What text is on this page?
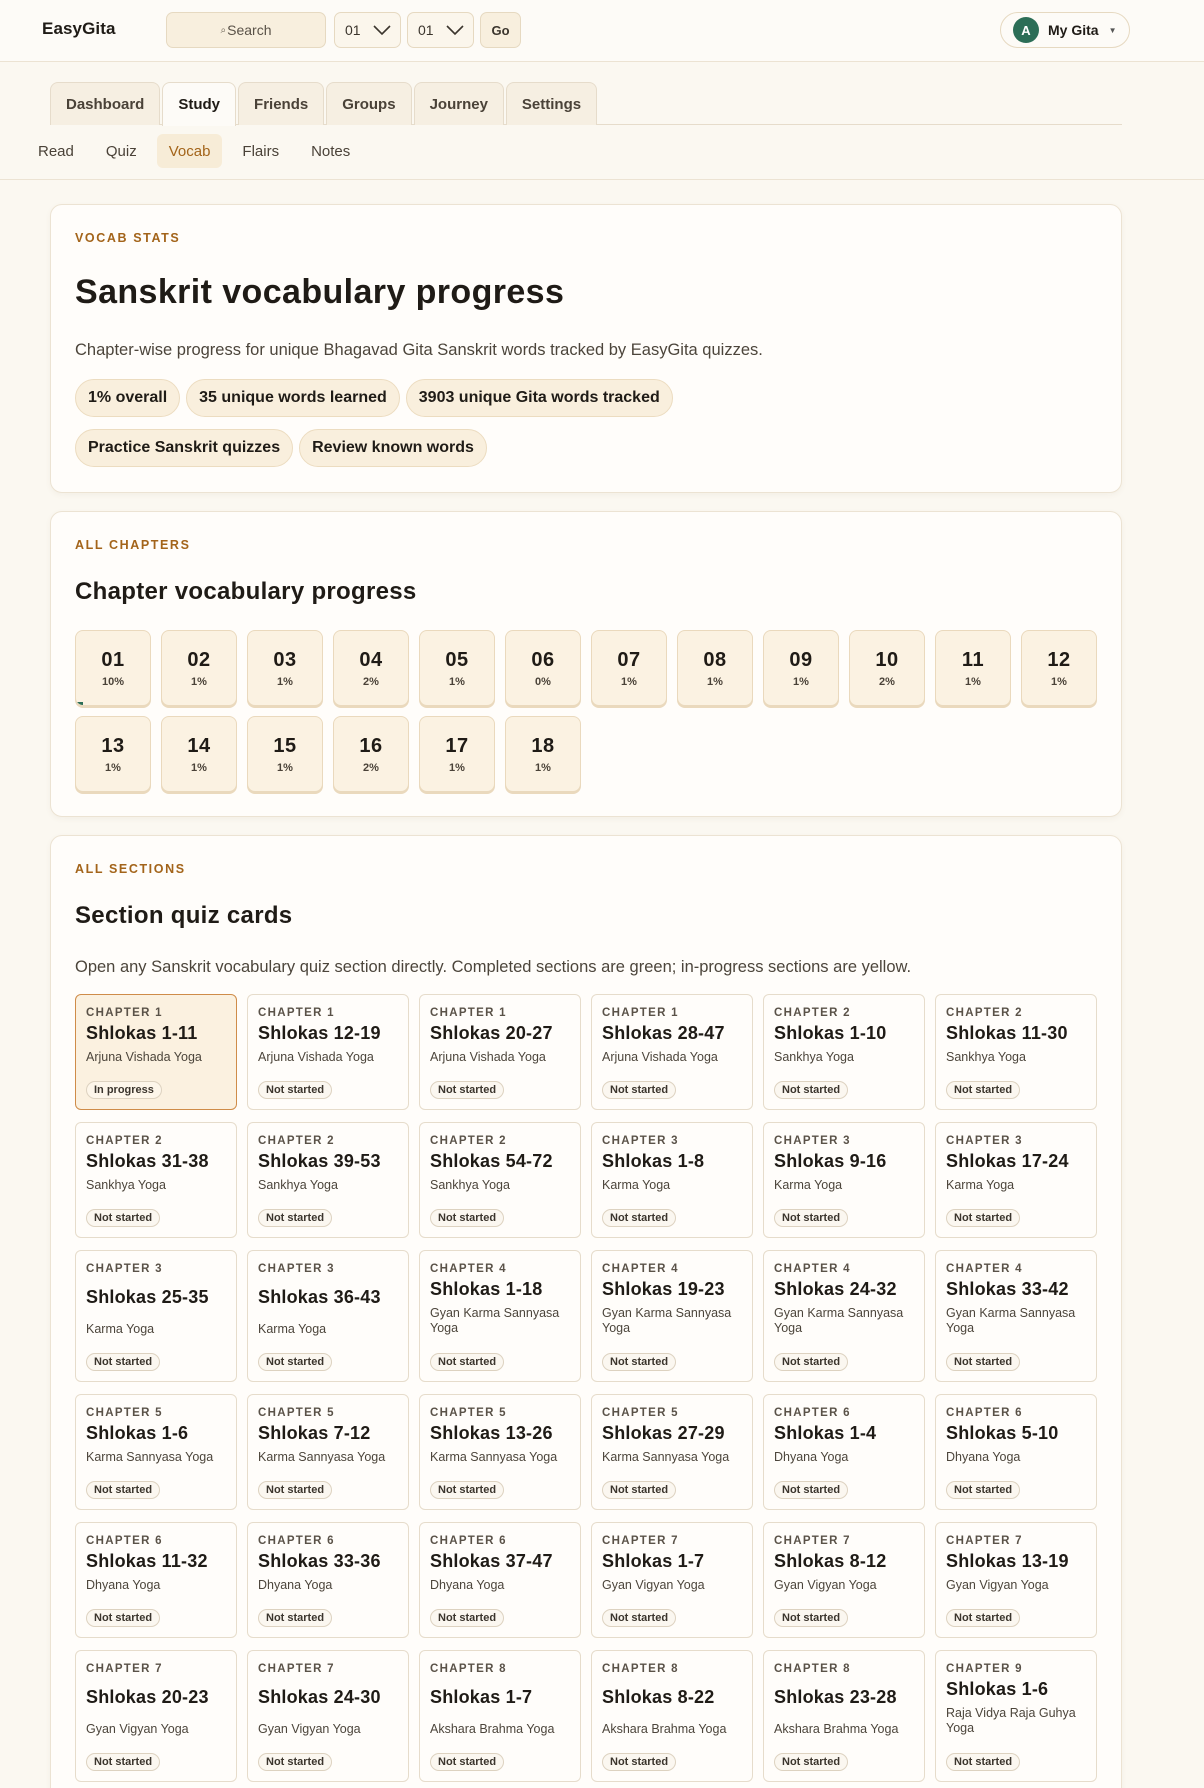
EasyGita	⌕ Search	01	01	Go	A	My Gita ▼
Dashboard	Study	Friends	Groups	Journey	Settings
Read	Quiz	Vocab	Flairs	Notes
VOCAB STATS
Sanskrit vocabulary progress
Chapter-wise progress for unique Bhagavad Gita Sanskrit words tracked by EasyGita quizzes.
1% overall 35 unique words learned 3903 unique Gita words tracked
Practice Sanskrit quizzes Review known words
ALL CHAPTERS
Chapter vocabulary progress
01
10%
02
1%
03
1%
04
2%
05
1%
06
0%
07
1%
08
1%
09
1%
10
2%
11
1%
12
1%
13
1%
14
1%
15
1%
16
2%
17
1%
18
1%
ALL SECTIONS
Section quiz cards
Open any Sanskrit vocabulary quiz section directly. Completed sections are green; in-progress sections are yellow.
CHAPTER 1
Shlokas 1-11
Arjuna Vishada Yoga
In progress
CHAPTER 1
Shlokas 12-19
Arjuna Vishada Yoga
Not started
CHAPTER 1
Shlokas 20-27
Arjuna Vishada Yoga
Not started
CHAPTER 1
Shlokas 28-47
Arjuna Vishada Yoga
Not started
CHAPTER 2
Shlokas 1-10
Sankhya Yoga
Not started
CHAPTER 2
Shlokas 11-30
Sankhya Yoga
Not started
CHAPTER 2
Shlokas 31-38
Sankhya Yoga
Not started
CHAPTER 2
Shlokas 39-53
Sankhya Yoga
Not started
CHAPTER 2
Shlokas 54-72
Sankhya Yoga
Not started
CHAPTER 3
Shlokas 1-8
Karma Yoga
Not started
CHAPTER 3
Shlokas 9-16
Karma Yoga
Not started
CHAPTER 3
Shlokas 17-24
Karma Yoga
Not started
CHAPTER 3
Shlokas 25-35
Karma Yoga
Not started
CHAPTER 3
Shlokas 36-43
Karma Yoga
Not started
CHAPTER 4
Shlokas 1-18
Gyan Karma Sannyasa Yoga
Not started
CHAPTER 4
Shlokas 19-23
Gyan Karma Sannyasa Yoga
Not started
CHAPTER 4
Shlokas 24-32
Gyan Karma Sannyasa Yoga
Not started
CHAPTER 4
Shlokas 33-42
Gyan Karma Sannyasa Yoga
Not started
CHAPTER 5
Shlokas 1-6
Karma Sannyasa Yoga
Not started
CHAPTER 5
Shlokas 7-12
Karma Sannyasa Yoga
Not started
CHAPTER 5
Shlokas 13-26
Karma Sannyasa Yoga
Not started
CHAPTER 5
Shlokas 27-29
Karma Sannyasa Yoga
Not started
CHAPTER 6
Shlokas 1-4
Dhyana Yoga
Not started
CHAPTER 6
Shlokas 5-10
Dhyana Yoga
Not started
CHAPTER 6
Shlokas 11-32
Dhyana Yoga
Not started
CHAPTER 6
Shlokas 33-36
Dhyana Yoga
Not started
CHAPTER 6
Shlokas 37-47
Dhyana Yoga
Not started
CHAPTER 7
Shlokas 1-7
Gyan Vigyan Yoga
Not started
CHAPTER 7
Shlokas 8-12
Gyan Vigyan Yoga
Not started
CHAPTER 7
Shlokas 13-19
Gyan Vigyan Yoga
Not started
CHAPTER 7
Shlokas 20-23
Gyan Vigyan Yoga
Not started
CHAPTER 7
Shlokas 24-30
Gyan Vigyan Yoga
Not started
CHAPTER 8
Shlokas 1-7
Akshara Brahma Yoga
Not started
CHAPTER 8
Shlokas 8-22
Akshara Brahma Yoga
Not started
CHAPTER 8
Shlokas 23-28
Akshara Brahma Yoga
Not started
CHAPTER 9
Shlokas 1-6
Raja Vidya Raja Guhya Yoga
Not started
